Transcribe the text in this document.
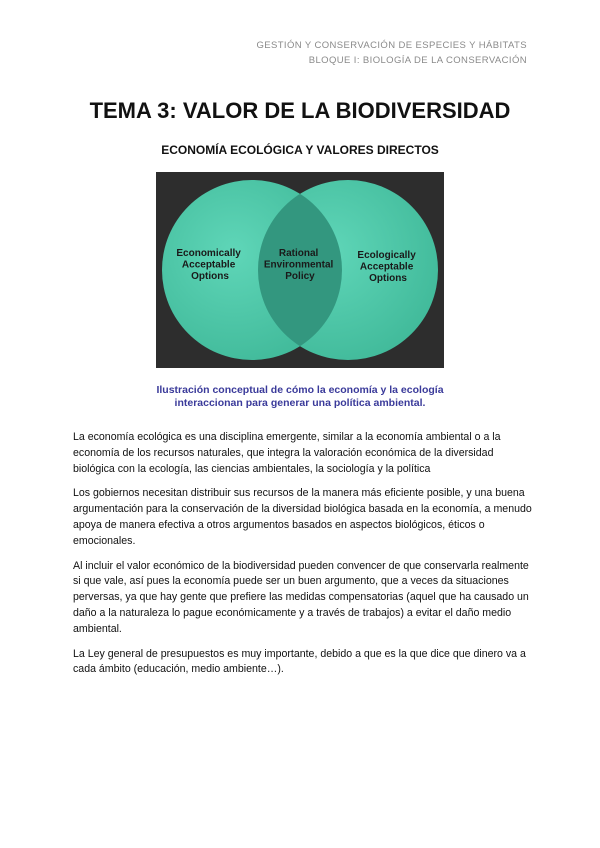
GESTIÓN Y CONSERVACIÓN DE ESPECIES Y HÁBITATS
BLOQUE I: BIOLOGÍA DE LA CONSERVACIÓN
TEMA 3: VALOR DE LA BIODIVERSIDAD
ECONOMÍA ECOLÓGICA Y VALORES DIRECTOS
Economically Acceptable Options
Rational Environmental Policy
Ecologically Acceptable Options
Ilustración conceptual de cómo la economía y la ecología
interaccionan para generar una política ambiental.

La economía ecológica es una disciplina emergente, similar a la economía ambiental o a la economía de los recursos naturales, que integra la valoración económica de la diversidad biológica con la ecología, las ciencias ambientales, la sociología y la política

Los gobiernos necesitan distribuir sus recursos de la manera más eficiente posible, y una buena argumentación para la conservación de la diversidad biológica basada en la economía, a menudo apoya de manera efectiva a otros argumentos basados en aspectos biológicos, éticos o emocionales.

Al incluir el valor económico de la biodiversidad pueden convencer de que conservarla realmente si que vale, así pues la economía puede ser un buen argumento, que a veces da situaciones perversas, ya que hay gente que prefiere las medidas compensatorias (aquel que ha causado un daño a la naturaleza lo pague económicamente y a través de trabajos) a evitar el daño medio ambiental.

La Ley general de presupuestos es muy importante, debido a que es la que dice que dinero va a cada ámbito (educación, medio ambiente…).
